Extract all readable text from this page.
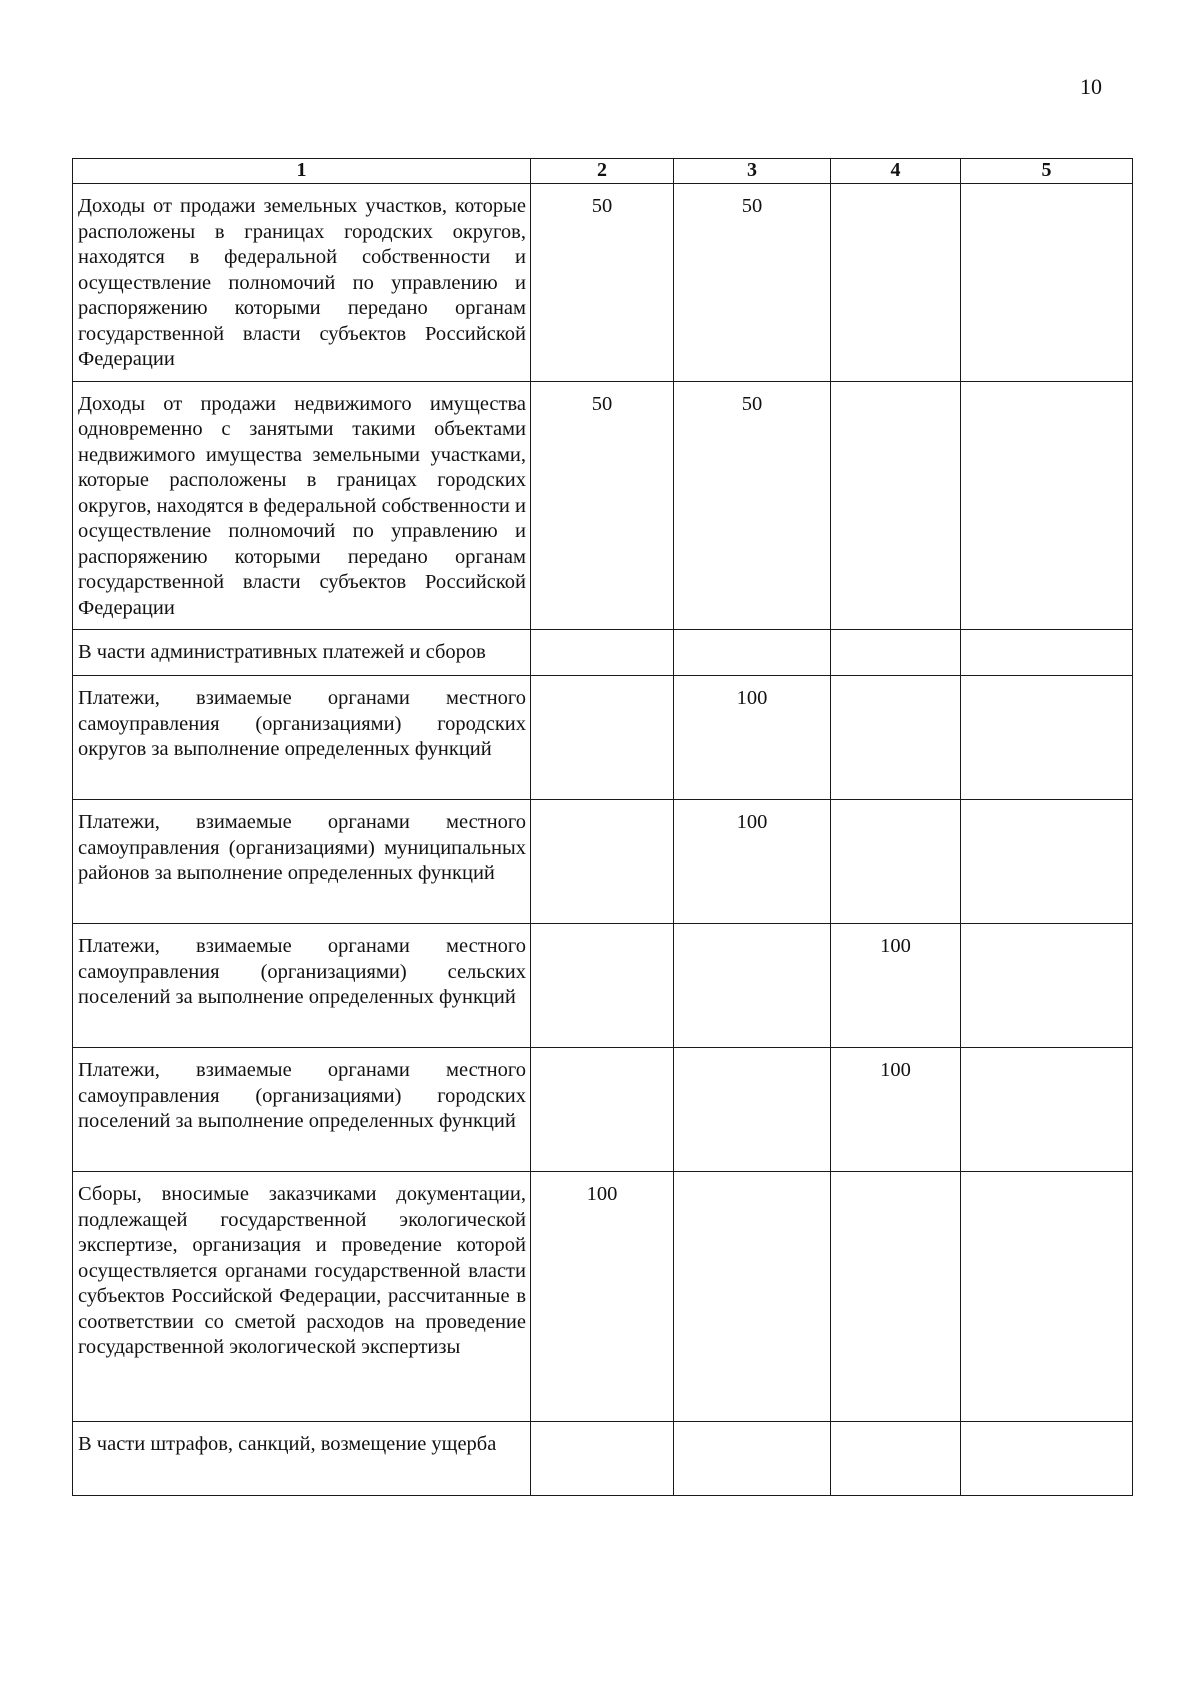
10
1	2	3	4	5
Доходы от продажи земельных участков, которые расположены в границах городских округов, находятся в федеральной собственности и осуществление полномочий по управлению и распоряжению которыми передано органам государственной власти субъектов Российской Федерации	50	50		
Доходы от продажи недвижимого имущества одновременно с занятыми такими объектами недвижимого имущества земельными участками, которые расположены в границах городских округов, находятся в федеральной собственности и осуществление полномочий по управлению и распоряжению которыми передано органам государственной власти субъектов Российской Федерации	50	50		
В части административных платежей и сборов				
Платежи, взимаемые органами местного самоуправления (организациями) городских округов за выполнение определенных функций		100		
Платежи, взимаемые органами местного самоуправления (организациями) муниципальных районов за выполнение определенных функций		100		
Платежи, взимаемые органами местного самоуправления (организациями) сельских поселений за выполнение определенных функций			100	
Платежи, взимаемые органами местного самоуправления (организациями) городских поселений за выполнение определенных функций			100	
Сборы, вносимые заказчиками документации, подлежащей государственной экологической экспертизе, организация и проведение которой осуществляется органами государственной власти субъектов Российской Федерации, рассчитанные в соответствии со сметой расходов на проведение государственной экологической экспертизы	100			
В части штрафов, санкций, возмещение ущерба				
